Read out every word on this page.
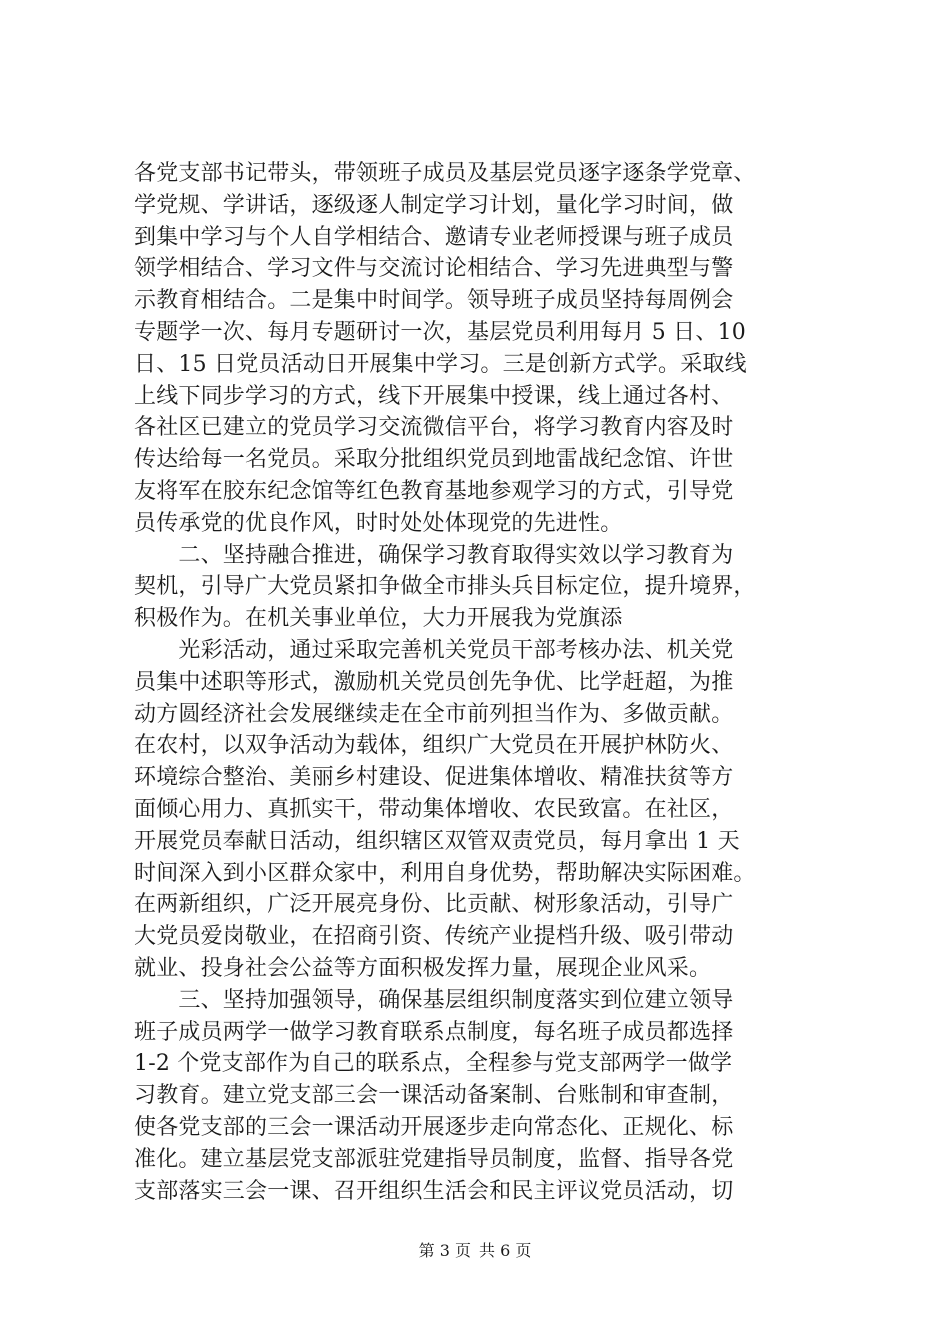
各党支部书记带头，带领班子成员及基层党员逐字逐条学党章、
学党规、学讲话，逐级逐人制定学习计划，量化学习时间，做
到集中学习与个人自学相结合、邀请专业老师授课与班子成员
领学相结合、学习文件与交流讨论相结合、学习先进典型与警
示教育相结合。二是集中时间学。领导班子成员坚持每周例会
专题学一次、每月专题研讨一次，基层党员利用每月 5 日、10
日、15 日党员活动日开展集中学习。三是创新方式学。采取线
上线下同步学习的方式，线下开展集中授课，线上通过各村、
各社区已建立的党员学习交流微信平台，将学习教育内容及时
传达给每一名党员。采取分批组织党员到地雷战纪念馆、许世
友将军在胶东纪念馆等红色教育基地参观学习的方式，引导党
员传承党的优良作风，时时处处体现党的先进性。
　　二、坚持融合推进，确保学习教育取得实效以学习教育为
契机，引导广大党员紧扣争做全市排头兵目标定位，提升境界，
积极作为。在机关事业单位，大力开展我为党旗添
　　光彩活动，通过采取完善机关党员干部考核办法、机关党
员集中述职等形式，激励机关党员创先争优、比学赶超，为推
动方圆经济社会发展继续走在全市前列担当作为、多做贡献。
在农村，以双争活动为载体，组织广大党员在开展护林防火、
环境综合整治、美丽乡村建设、促进集体增收、精准扶贫等方
面倾心用力、真抓实干，带动集体增收、农民致富。在社区，
开展党员奉献日活动，组织辖区双管双责党员，每月拿出 1 天
时间深入到小区群众家中，利用自身优势，帮助解决实际困难。
在两新组织，广泛开展亮身份、比贡献、树形象活动，引导广
大党员爱岗敬业，在招商引资、传统产业提档升级、吸引带动
就业、投身社会公益等方面积极发挥力量，展现企业风采。
　　三、坚持加强领导，确保基层组织制度落实到位建立领导
班子成员两学一做学习教育联系点制度，每名班子成员都选择
1-2 个党支部作为自己的联系点，全程参与党支部两学一做学
习教育。建立党支部三会一课活动备案制、台账制和审查制，
使各党支部的三会一课活动开展逐步走向常态化、正规化、标
准化。建立基层党支部派驻党建指导员制度，监督、指导各党
支部落实三会一课、召开组织生活会和民主评议党员活动，切
第 3 页 共 6 页
